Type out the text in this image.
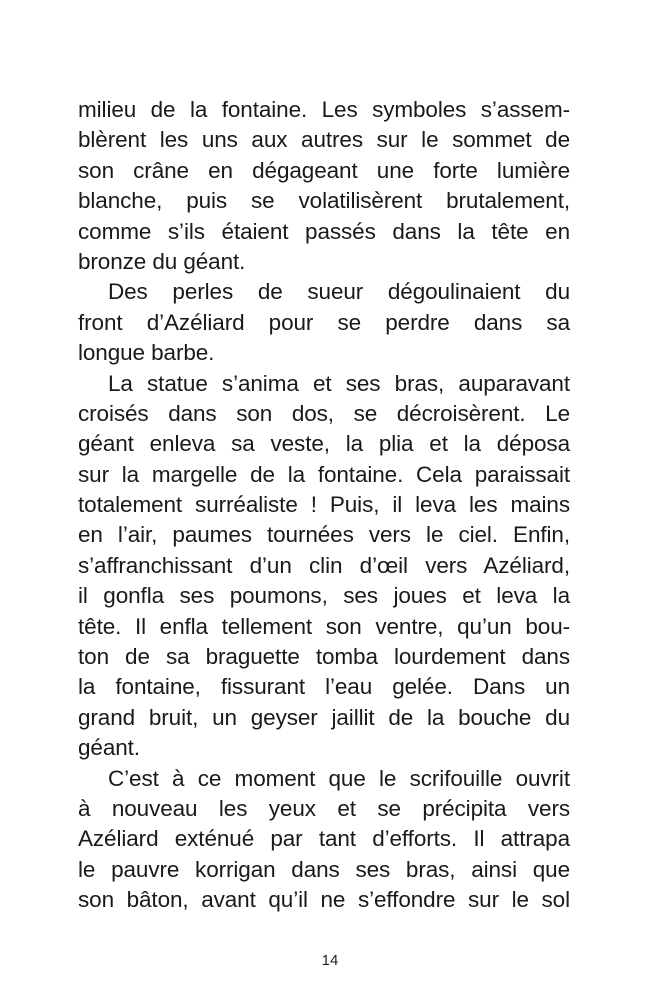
milieu de la fontaine. Les symboles s’assem-
blèrent les uns aux autres sur le sommet de
son crâne en dégageant une forte lumière
blanche, puis se volatilisèrent brutalement,
comme s’ils étaient passés dans la tête en
bronze du géant.
Des perles de sueur dégoulinaient du
front d’Azéliard pour se perdre dans sa
longue barbe.
La statue s’anima et ses bras, auparavant
croisés dans son dos, se décroisèrent. Le
géant enleva sa veste, la plia et la déposa
sur la margelle de la fontaine. Cela paraissait
totalement surréaliste ! Puis, il leva les mains
en l’air, paumes tournées vers le ciel. Enfin,
s’affranchissant d’un clin d’œil vers Azéliard,
il gonfla ses poumons, ses joues et leva la
tête. Il enfla tellement son ventre, qu’un bou-
ton de sa braguette tomba lourdement dans
la fontaine, fissurant l’eau gelée. Dans un
grand bruit, un geyser jaillit de la bouche du
géant.
C’est à ce moment que le scrifouille ouvrit
à nouveau les yeux et se précipita vers
Azéliard exténué par tant d’efforts. Il attrapa
le pauvre korrigan dans ses bras, ainsi que
son bâton, avant qu’il ne s’effondre sur le sol
14
